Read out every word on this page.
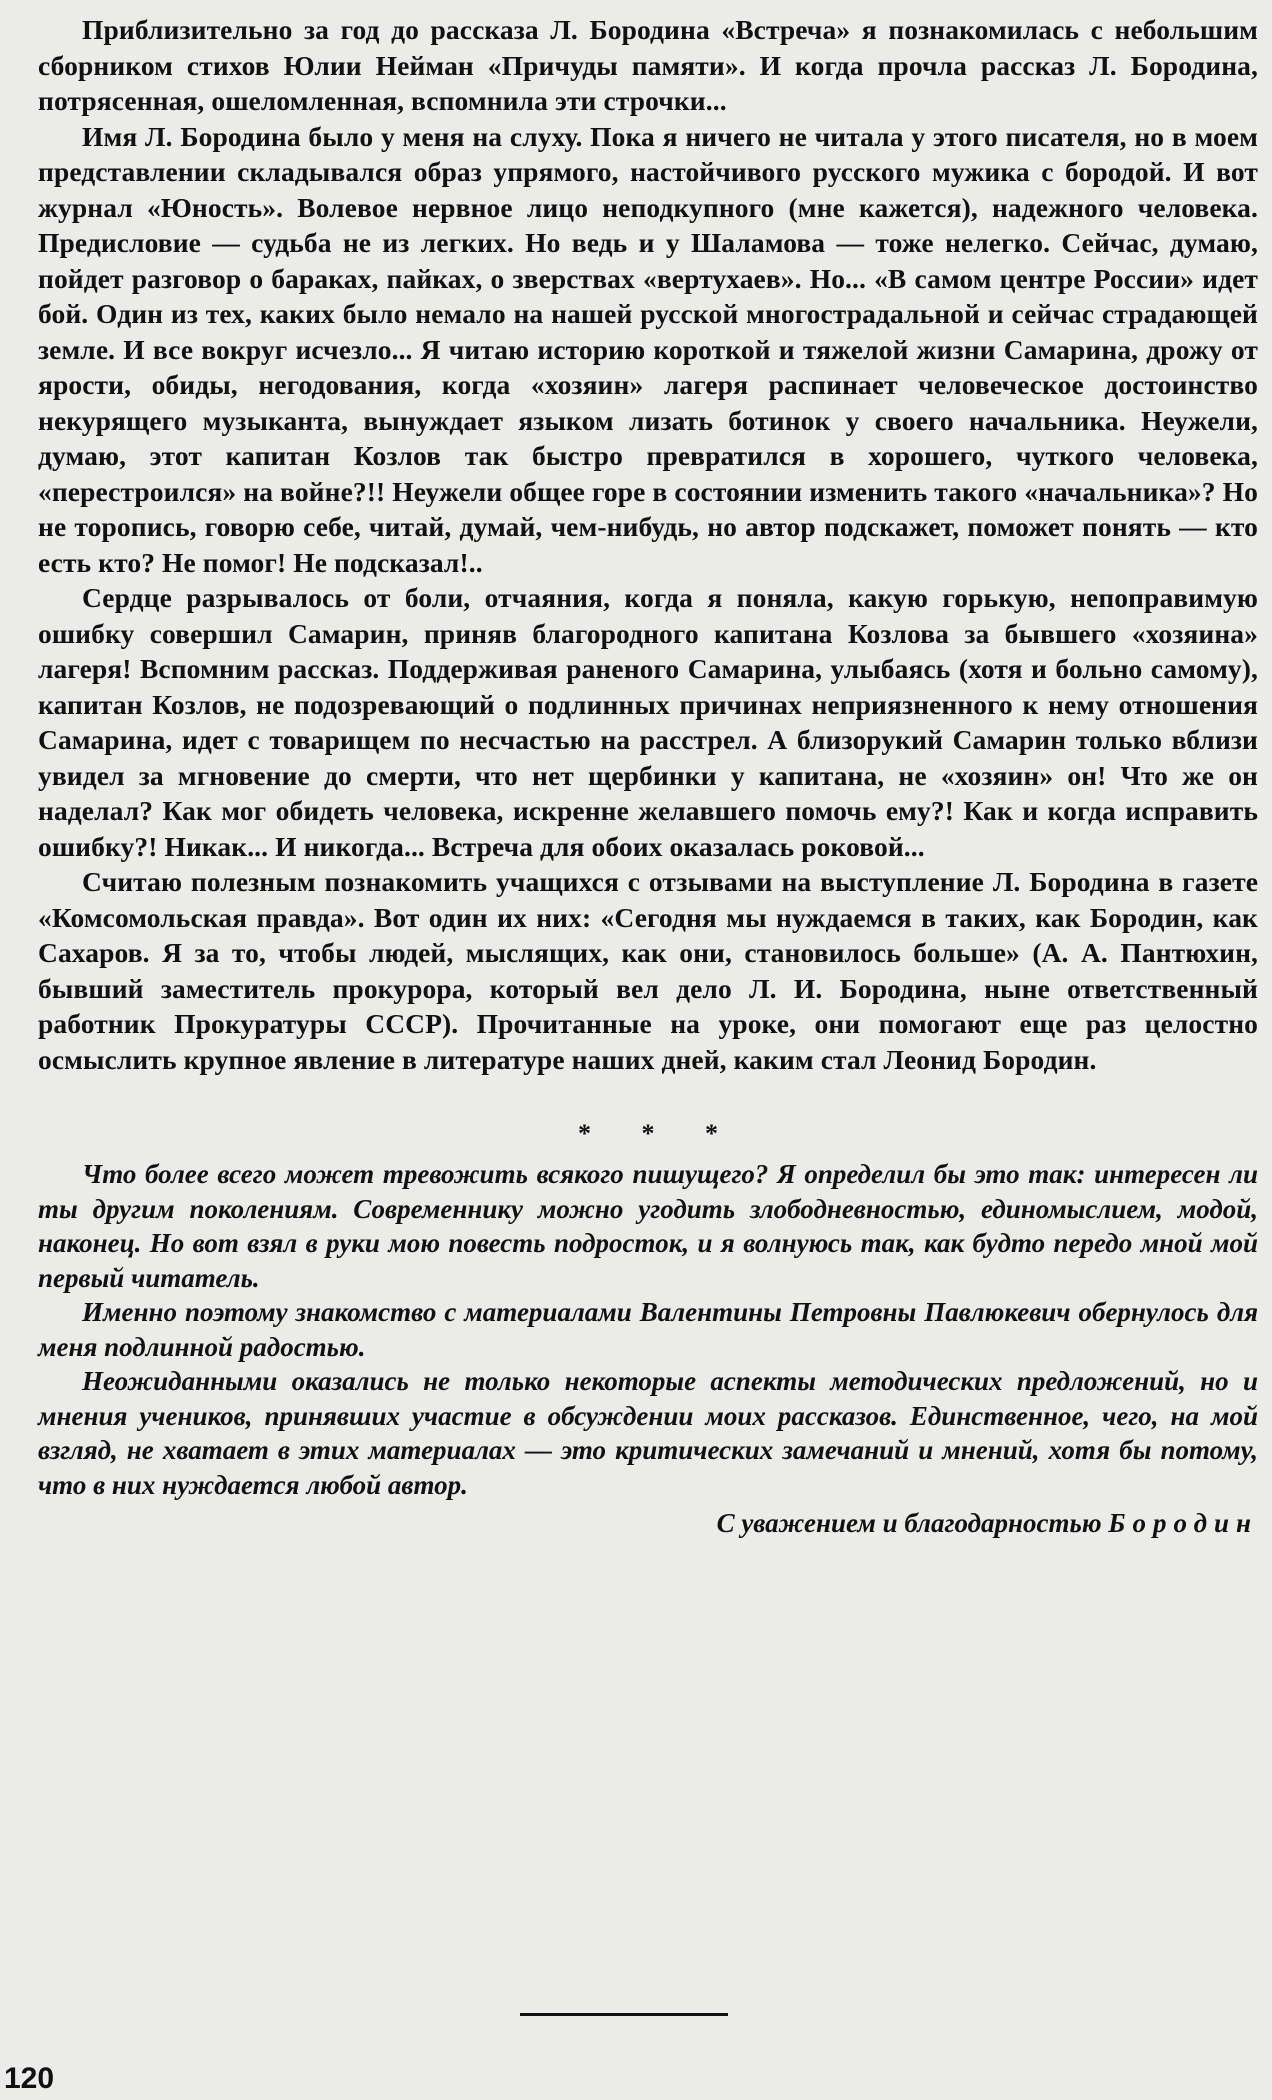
Приблизительно за год до рассказа Л. Бородина «Встреча» я познакомилась с небольшим сборником стихов Юлии Нейман «Причуды памяти». И когда прочла рассказ Л. Бородина, потрясенная, ошеломленная, вспомнила эти строчки...

Имя Л. Бородина было у меня на слуху. Пока я ничего не читала у этого писателя, но в моем представлении складывался образ упрямого, настойчивого русского мужика с бородой. И вот журнал «Юность». Волевое нервное лицо неподкупного (мне кажется), надежного человека. Предисловие — судьба не из легких. Но ведь и у Шаламова — тоже нелегко. Сейчас, думаю, пойдет разговор о бараках, пайках, о зверствах «вертухаев». Но... «В самом центре России» идет бой. Один из тех, каких было немало на нашей русской многострадальной и сейчас страдающей земле. И все вокруг исчезло... Я читаю историю короткой и тяжелой жизни Самарина, дрожу от ярости, обиды, негодования, когда «хозяин» лагеря распинает человеческое достоинство некурящего музыканта, вынуждает языком лизать ботинок у своего начальника. Неужели, думаю, этот капитан Козлов так быстро превратился в хорошего, чуткого человека, «перестроился» на войне?!! Неужели общее горе в состоянии изменить такого «начальника»? Но не торопись, говорю себе, читай, думай, чем-нибудь, но автор подскажет, поможет понять — кто есть кто? Не помог! Не подсказал!..

Сердце разрывалось от боли, отчаяния, когда я поняла, какую горькую, непоправимую ошибку совершил Самарин, приняв благородного капитана Козлова за бывшего «хозяина» лагеря! Вспомним рассказ. Поддерживая раненого Самарина, улыбаясь (хотя и больно самому), капитан Козлов, не подозревающий о подлинных причинах неприязненного к нему отношения Самарина, идет с товарищем по несчастью на расстрел. А близорукий Самарин только вблизи увидел за мгновение до смерти, что нет щербинки у капитана, не «хозяин» он! Что же он наделал? Как мог обидеть человека, искренне желавшего помочь ему?! Как и когда исправить ошибку?! Никак... И никогда... Встреча для обоих оказалась роковой...

Считаю полезным познакомить учащихся с отзывами на выступление Л. Бородина в газете «Комсомольская правда». Вот один их них: «Сегодня мы нуждаемся в таких, как Бородин, как Сахаров. Я за то, чтобы людей, мыслящих, как они, становилось больше» (А. А. Пантюхин, бывший заместитель прокурора, который вел дело Л. И. Бородина, ныне ответственный работник Прокуратуры СССР). Прочитанные на уроке, они помогают еще раз целостно осмыслить крупное явление в литературе наших дней, каким стал Леонид Бородин.

* * *

Что более всего может тревожить всякого пишущего? Я определил бы это так: интересен ли ты другим поколениям. Современнику можно угодить злободневностью, единомыслием, модой, наконец. Но вот взял в руки мою повесть подросток, и я волнуюсь так, как будто передо мной мой первый читатель.

Именно поэтому знакомство с материалами Валентины Петровны Павлюкевич обернулось для меня подлинной радостью.

Неожиданными оказались не только некоторые аспекты методических предложений, но и мнения учеников, принявших участие в обсуждении моих рассказов. Единственное, чего, на мой взгляд, не хватает в этих материалах — это критических замечаний и мнений, хотя бы потому, что в них нуждается любой автор.

С уважением и благодарностью Бородин
120
